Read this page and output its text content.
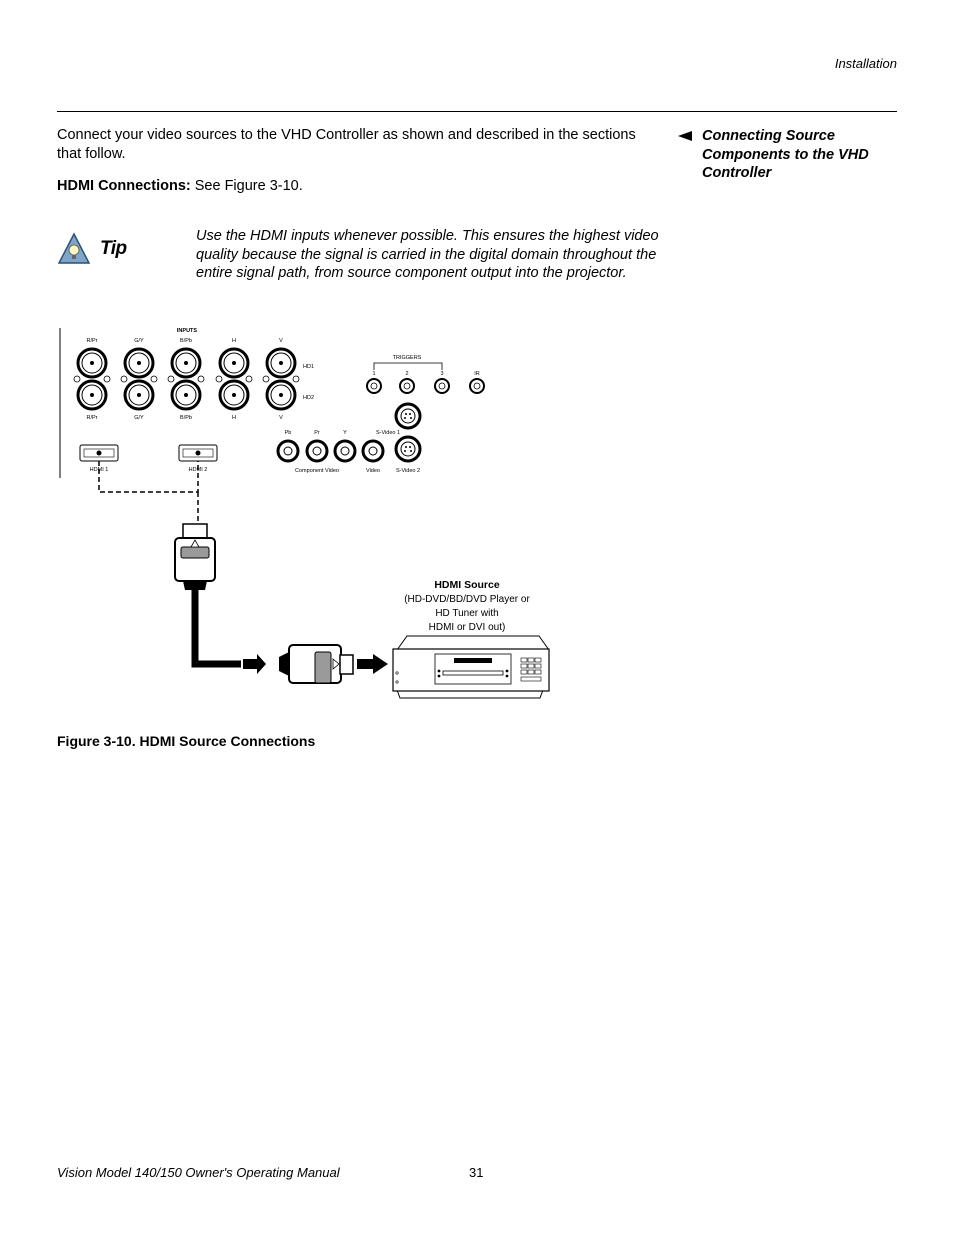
Installation
Connect your video sources to the VHD Controller as shown and described in the sections that follow.
HDMI Connections: See Figure 3-10.
Connecting Source Components to the VHD Controller
Tip
Use the HDMI inputs whenever possible. This ensures the highest video quality because the signal is carried in the digital domain throughout the entire signal path, from source component output into the projector.
INPUTS
R/Pr	G/Y	B/Pb	H	V
R/Pr	G/Y	B/Pb	H	V
HD1
HD2
TRIGGERS
1	2	3	IR
Pb	Pr	Y	S-Video 1
Component Video	Video	S-Video 2
HDMI 1	HDMI 2
HDMI Source
(HD-DVD/BD/DVD Player or
HD Tuner with
HDMI or DVI out)
Figure 3-10. HDMI Source Connections
Vision Model 140/150 Owner's Operating Manual	31
